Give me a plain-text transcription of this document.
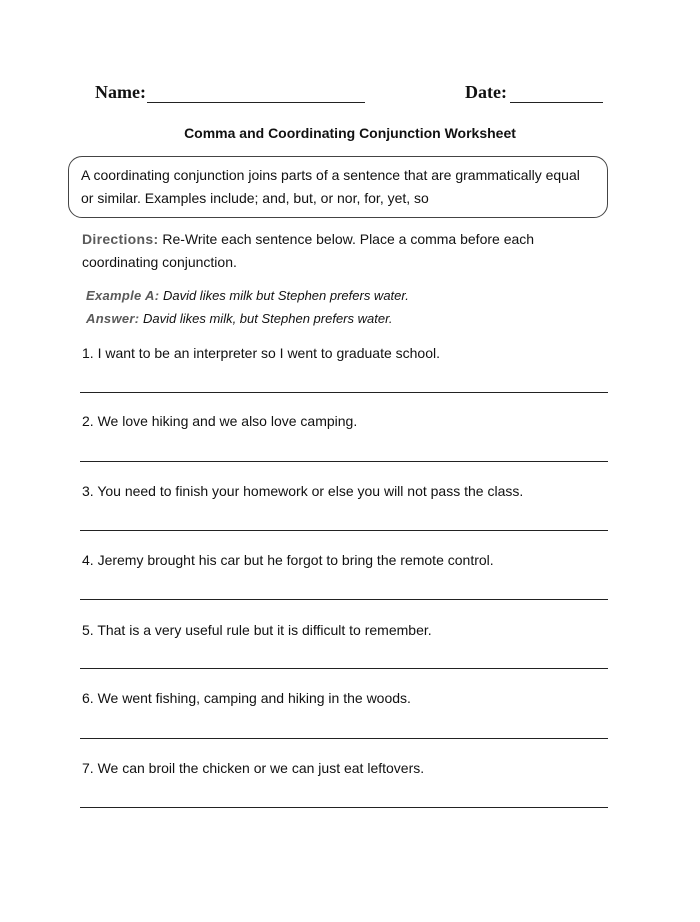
Name:	Date:
Comma and Coordinating Conjunction Worksheet
A coordinating conjunction joins parts of a sentence that are grammatically equal
or similar. Examples include; and, but, or nor, for, yet, so
Directions: Re-Write each sentence below. Place a comma before each
coordinating conjunction.
Example A: David likes milk but Stephen prefers water.
Answer: David likes milk, but Stephen prefers water.
1. I want to be an interpreter so I went to graduate school.
2. We love hiking and we also love camping.
3. You need to finish your homework or else you will not pass the class.
4. Jeremy brought his car but he forgot to bring the remote control.
5. That is a very useful rule but it is difficult to remember.
6. We went fishing, camping and hiking in the woods.
7. We can broil the chicken or we can just eat leftovers.
